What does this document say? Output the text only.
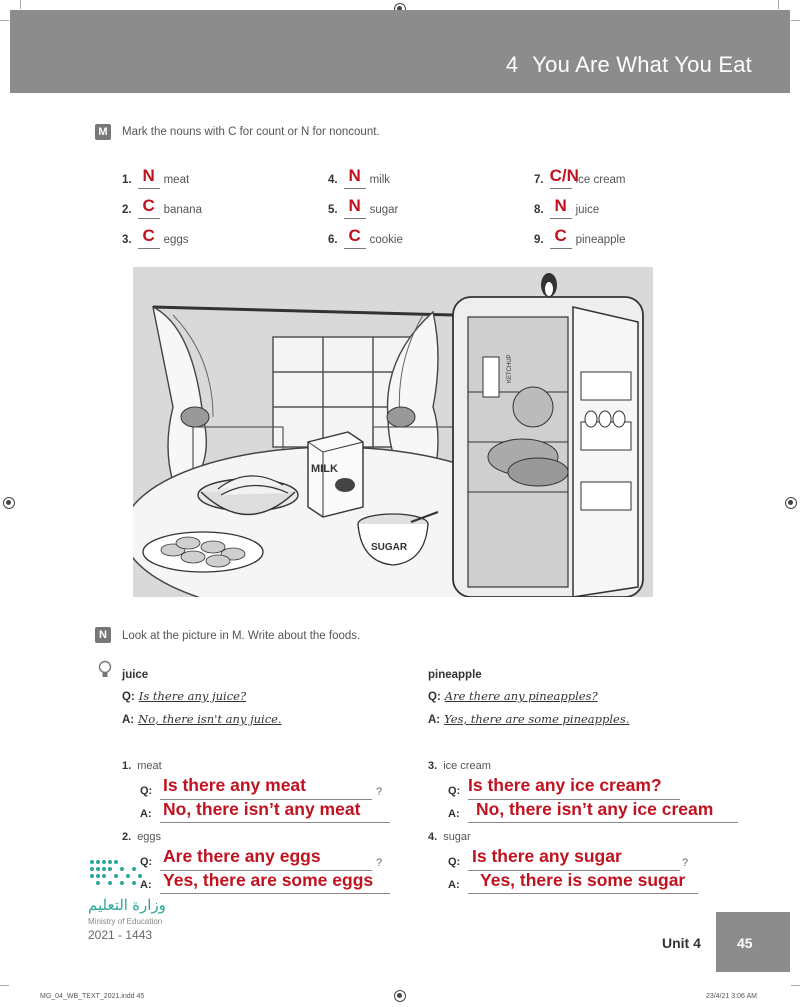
4 You Are What You Eat
M Mark the nouns with C for count or N for noncount.
1. N meat
2. C banana
3. C eggs
4. N milk
5. N sugar
6. C cookie
7. C/Nice cream
8. N juice
9. C pineapple
MILK
SUGAR
KETCHUP
N	Look at the picture in M. Write about the foods.
juice
Q: Is there any juice?
A: No, there isn't any juice.
pineapple
Q: Are there any pineapples?
A: Yes, there are some pineapples.
1. meat
Q:	?
Is there any meat
A: No, there isn’t any meat
2. eggs
Q:	?
Are there any eggs
A: Yes, there are some eggs
3. ice cream
Q: Is there any ice cream?
A: No, there isn’t any ice cream
4. sugar
Q:	?
Is there any sugar
A: Yes, there is some sugar
وزارة التعليم
Ministry of Education
2021 - 1443	Unit 4	45
MG_04_WB_TEXT_2021.indd 45	23/4/21 3:06 AM
